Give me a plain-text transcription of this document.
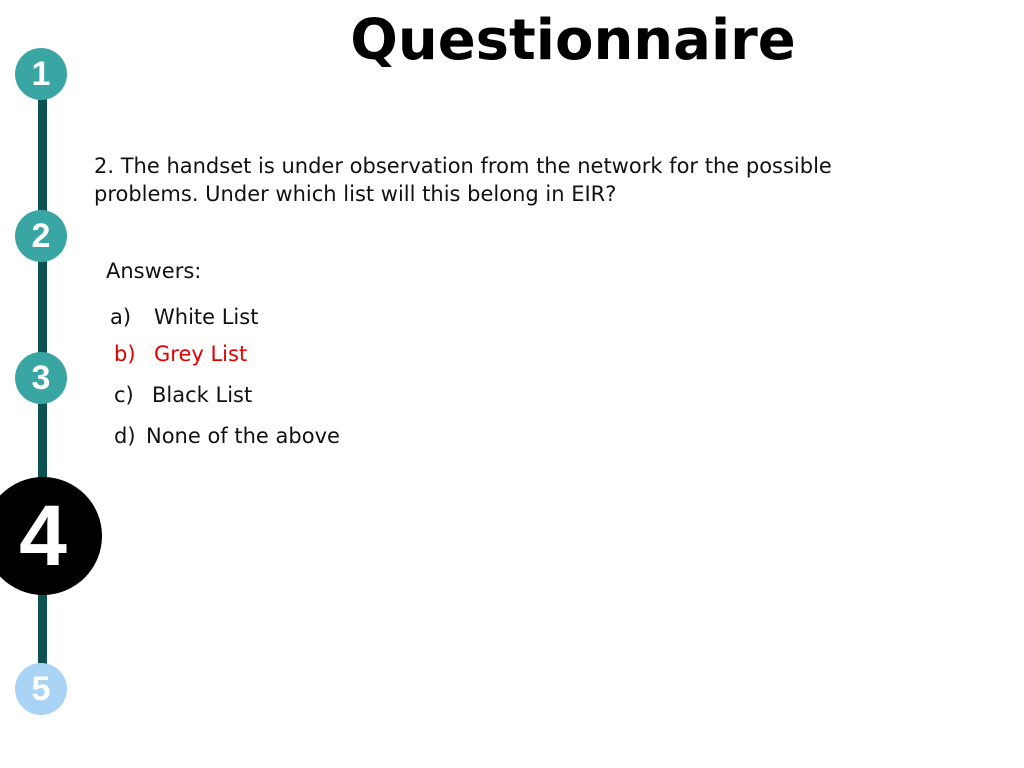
Questionnaire
1
2
3
4
5
2. The handset is under observation from the network for the possible problems. Under which list will this belong in EIR?
Answers:
a) White List
b) Grey List
c) Black List
d) None of the above
